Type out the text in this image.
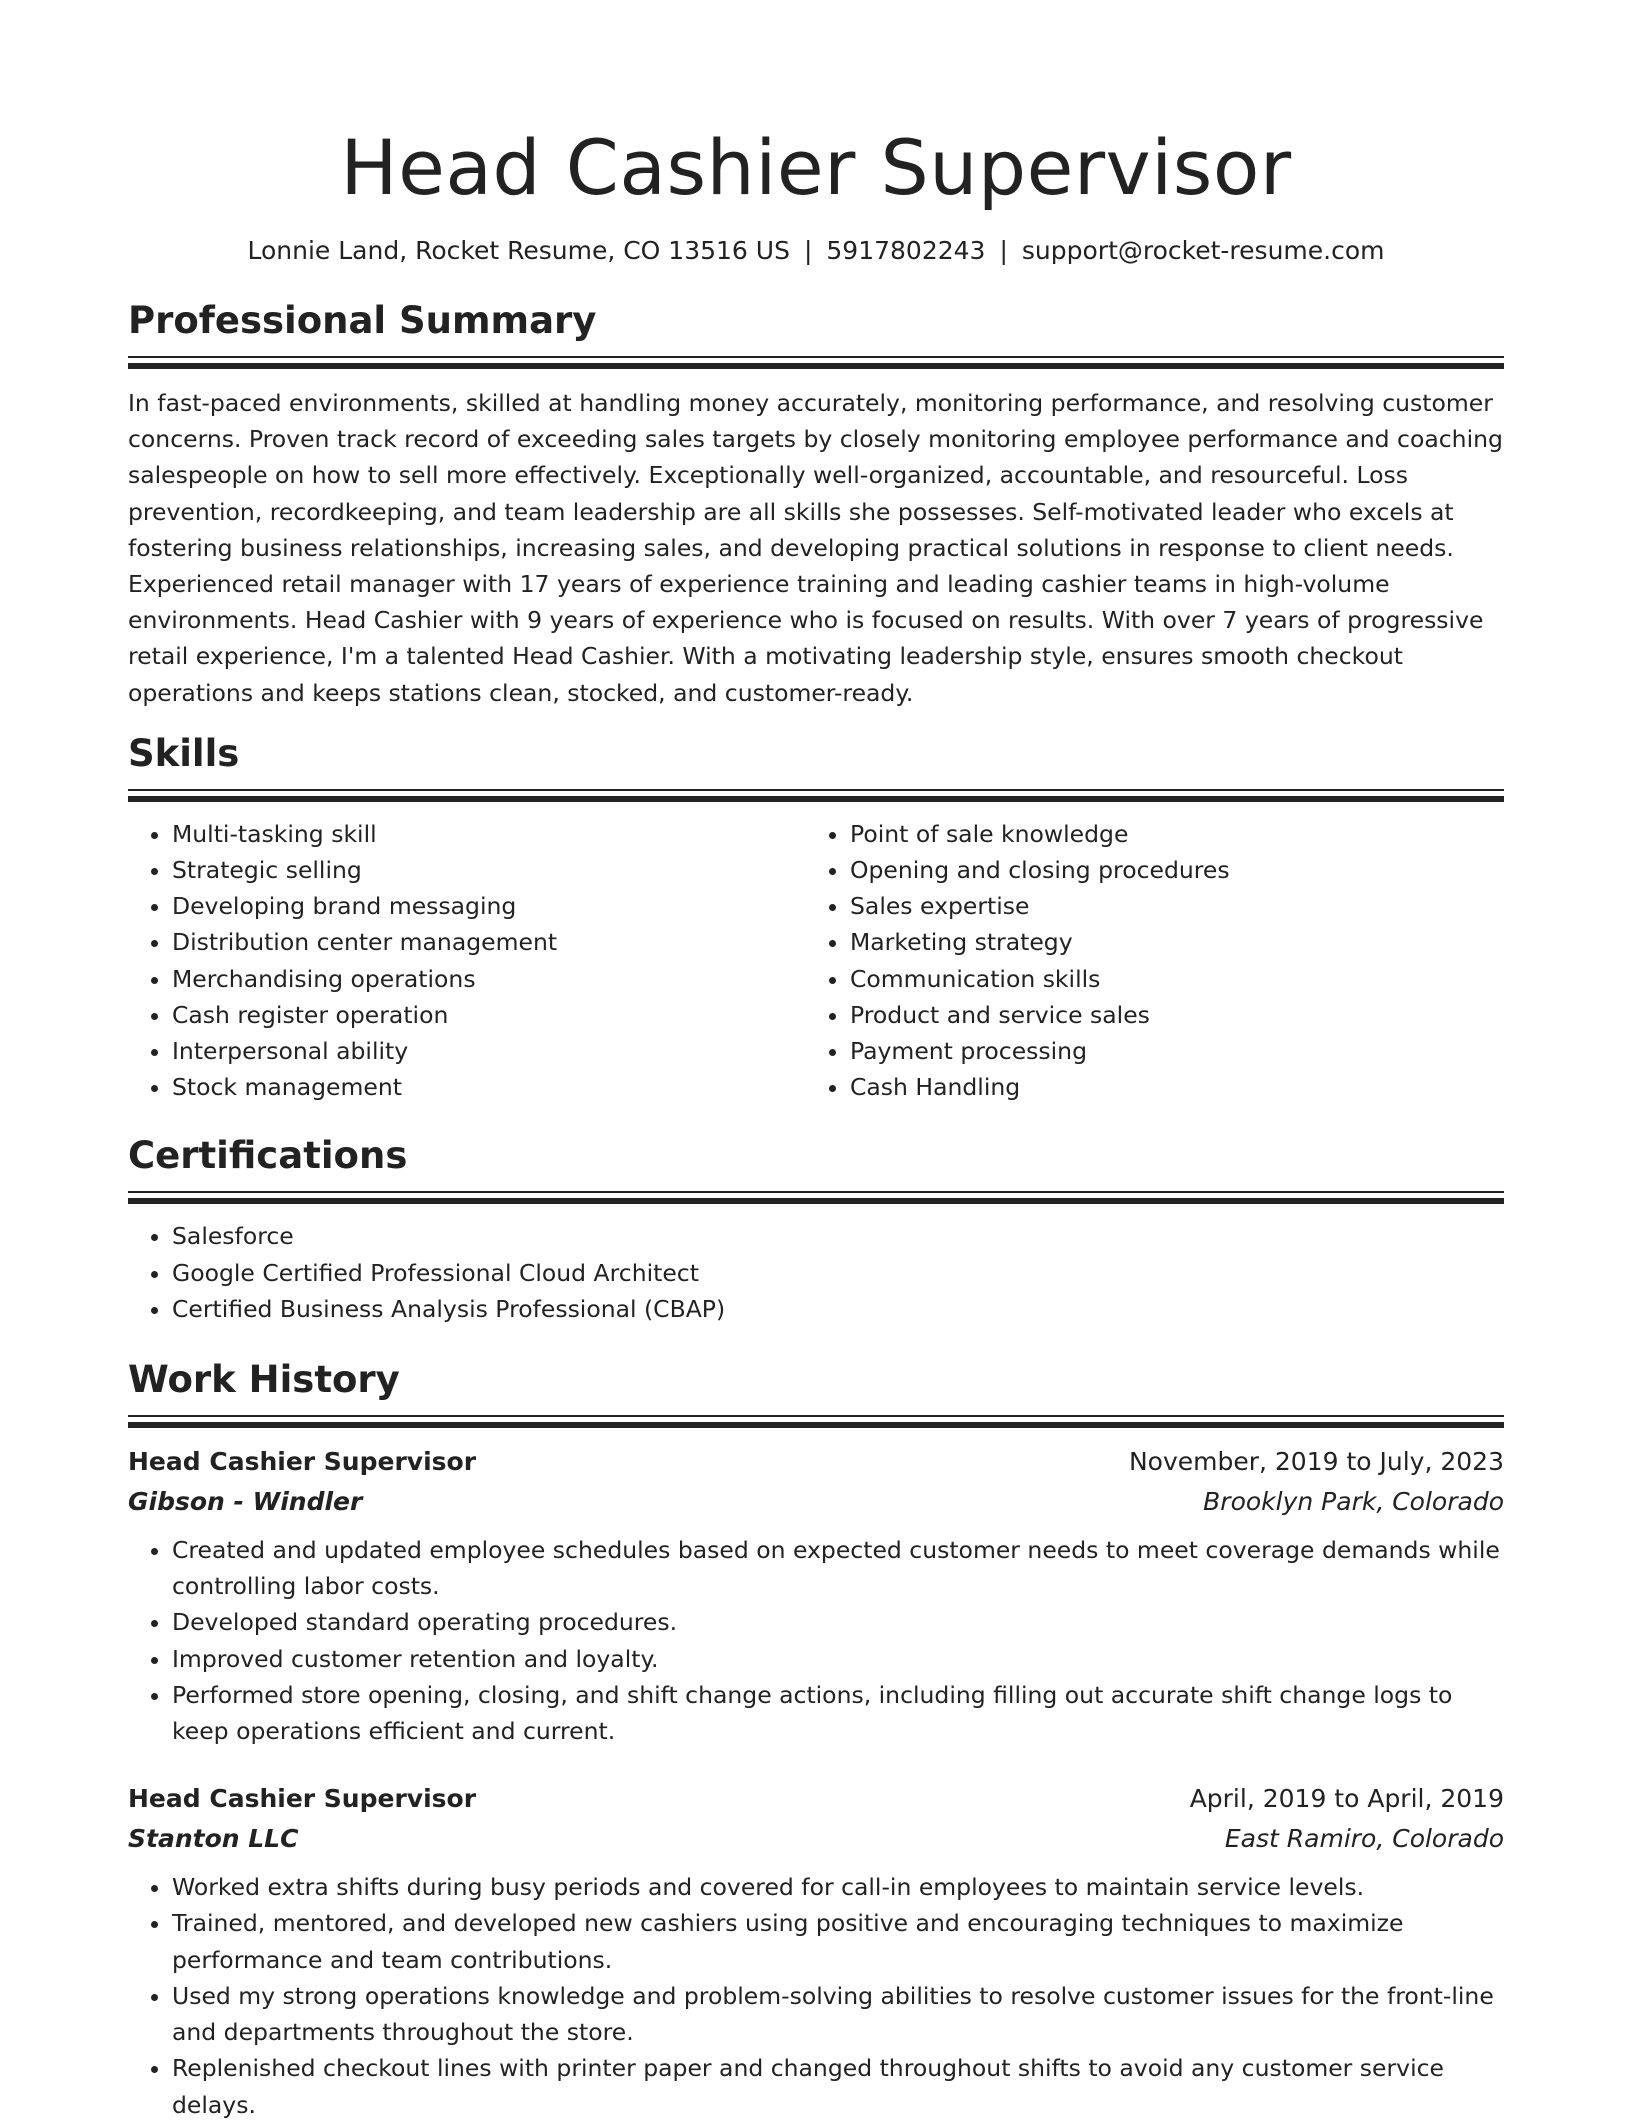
Head Cashier Supervisor
Lonnie Land, Rocket Resume, CO 13516 US | 5917802243 | support@rocket-resume.com
Professional Summary
In fast-paced environments, skilled at handling money accurately, monitoring performance, and resolving customer concerns. Proven track record of exceeding sales targets by closely monitoring employee performance and coaching salespeople on how to sell more effectively. Exceptionally well-organized, accountable, and resourceful. Loss prevention, recordkeeping, and team leadership are all skills she possesses. Self-motivated leader who excels at fostering business relationships, increasing sales, and developing practical solutions in response to client needs. Experienced retail manager with 17 years of experience training and leading cashier teams in high-volume environments. Head Cashier with 9 years of experience who is focused on results. With over 7 years of progressive retail experience, I'm a talented Head Cashier. With a motivating leadership style, ensures smooth checkout operations and keeps stations clean, stocked, and customer-ready.
Skills
• Multi-tasking skill
• Strategic selling
• Developing brand messaging
• Distribution center management
• Merchandising operations
• Cash register operation
• Interpersonal ability
• Stock management
• Point of sale knowledge
• Opening and closing procedures
• Sales expertise
• Marketing strategy
• Communication skills
• Product and service sales
• Payment processing
• Cash Handling
Certifications
• Salesforce
• Google Certified Professional Cloud Architect
• Certified Business Analysis Professional (CBAP)
Work History
Head Cashier Supervisor	November, 2019 to July, 2023
Gibson - Windler	Brooklyn Park, Colorado
• Created and updated employee schedules based on expected customer needs to meet coverage demands while controlling labor costs.
• Developed standard operating procedures.
• Improved customer retention and loyalty.
• Performed store opening, closing, and shift change actions, including filling out accurate shift change logs to keep operations efficient and current.
Head Cashier Supervisor	April, 2019 to April, 2019
Stanton LLC	East Ramiro, Colorado
• Worked extra shifts during busy periods and covered for call-in employees to maintain service levels.
• Trained, mentored, and developed new cashiers using positive and encouraging techniques to maximize performance and team contributions.
• Used my strong operations knowledge and problem-solving abilities to resolve customer issues for the front-line and departments throughout the store.
• Replenished checkout lines with printer paper and changed throughout shifts to avoid any customer service delays.
